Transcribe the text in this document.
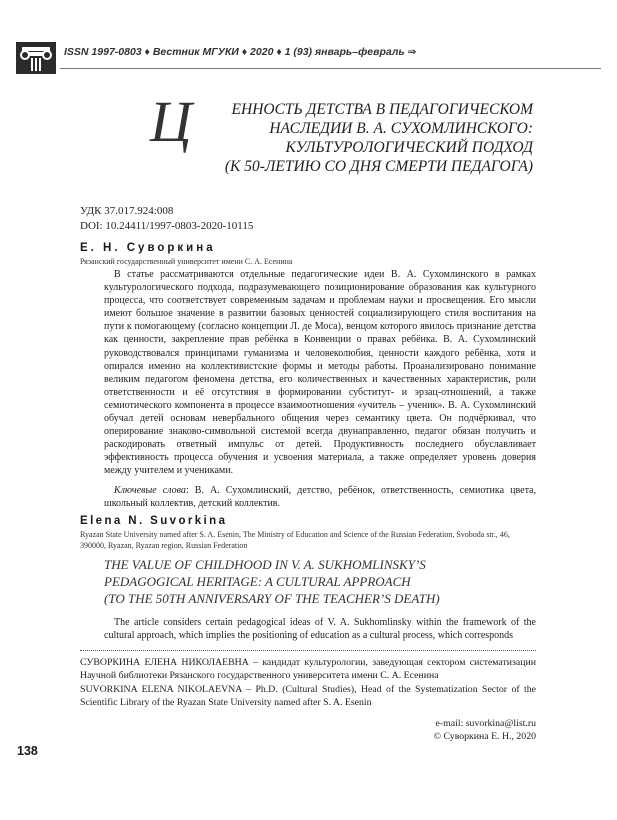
ISSN 1997-0803 ♦ Вестник МГУКИ ♦ 2020 ♦ 1 (93) январь–февраль ⇒
Ц	ЕННОСТЬ ДЕТСТВА В ПЕДАГОГИЧЕСКОМ
НАСЛЕДИИ В. А. СУХОМЛИНСКОГО:
КУЛЬТУРОЛОГИЧЕСКИЙ ПОДХОД
(К 50-ЛЕТИЮ СО ДНЯ СМЕРТИ ПЕДАГОГА)
УДК 37.017.924:008
DOI: 10.24411/1997-0803-2020-10115
Е. Н. Суворкина
Рязанский государственный университет имени С. А. Есенина

В статье рассматриваются отдельные педагогические идеи В. А. Сухомлинского в рамках культурологического подхода, подразумевающего позиционирование образования как культурного процесса, что соответствует современным задачам и проблемам науки и просвещения. Его мысли имеют большое значение в развитии базовых ценностей социализирующего стиля воспитания на пути к помогающему (согласно концепции Л. де Моса), венцом которого явилось признание детства как ценности, закрепление прав ребёнка в Конвенции о правах ребёнка. В. А. Сухомлинский руководствовался принципами гуманизма и человеколюбия, ценности каждого ребёнка, хотя и опирался именно на коллективистские формы и методы работы. Проанализировано понимание великим педагогом феномена детства, его количественных и качественных характеристик, роли ответственности и её отсутствия в формировании субститут- и эрзац-отношений, а также семиотического компонента в процессе взаимоотношения «учитель – ученик». В. А. Сухомлинский обучал детей основам невербального общения через семантику цвета. Он подчёркивал, что оперирование знаково-символьной системой всегда двунаправленно, педагог обязан получить и раскодировать ответный импульс от детей. Продуктивность последнего обуславливает эффективность процесса обучения и усвоения материала, а также определяет уровень доверия между учителем и учениками.

Ключевые слова: В. А. Сухомлинский, детство, ребёнок, ответственность, семиотика цвета, школьный коллектив, детский коллектив.

Elena N. Suvorkina
Ryazan State University named after S. A. Esenin, The Ministry of Education and Science of the Russian Federation, Svoboda str., 46, 390000, Ryazan, Ryazan region, Russian Federation
THE VALUE OF CHILDHOOD IN V. A. SUKHOMLINSKY’S
PEDAGOGICAL HERITAGE: A CULTURAL APPROACH
(TO THE 50TH ANNIVERSARY OF THE TEACHER’S DEATH)

The article considers certain pedagogical ideas of V. A. Sukhomlinsky within the framework of the cultural approach, which implies the positioning of education as a cultural process, which corresponds

СУВОРКИНА ЕЛЕНА НИКОЛАЕВНА – кандидат культурологии, заведующая сектором систематизации Научной библиотеки Рязанского государственного университета имени С. А. Есенина

SUVORKINA ELENA NIKOLAEVNA – Ph.D. (Cultural Studies), Head of the Systematization Sector of the Scientific Library of the Ryazan State University named after S. A. Esenin

e-mail: suvorkina@list.ru
© Суворкина Е. Н., 2020
138
